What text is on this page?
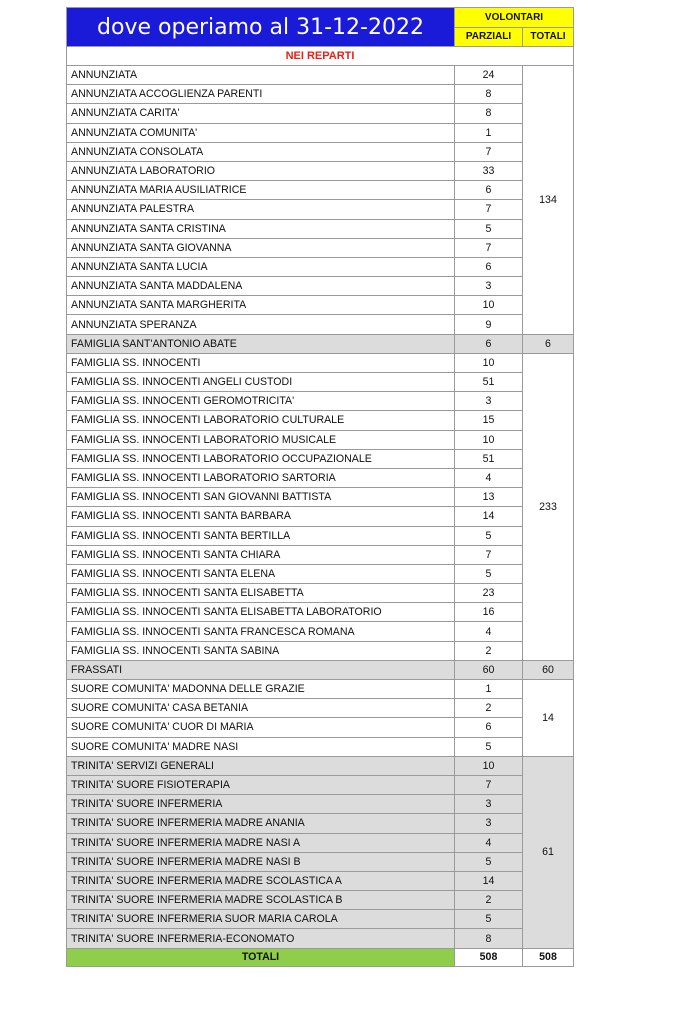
dove operiamo al 31-12-2022	VOLONTARI	
	PARZIALI	TOTALI
NEI REPARTI		
ANNUNZIATA	24	134
ANNUNZIATA ACCOGLIENZA PARENTI	8	
ANNUNZIATA CARITA'	8	
ANNUNZIATA COMUNITA'	1	
ANNUNZIATA CONSOLATA	7	
ANNUNZIATA LABORATORIO	33	
ANNUNZIATA MARIA AUSILIATRICE	6	
ANNUNZIATA PALESTRA	7	
ANNUNZIATA SANTA CRISTINA	5	
ANNUNZIATA SANTA GIOVANNA	7	
ANNUNZIATA SANTA LUCIA	6	
ANNUNZIATA SANTA MADDALENA	3	
ANNUNZIATA SANTA MARGHERITA	10	
ANNUNZIATA SPERANZA	9	
FAMIGLIA SANT'ANTONIO ABATE	6	6
FAMIGLIA SS. INNOCENTI	10	233
FAMIGLIA SS. INNOCENTI ANGELI CUSTODI	51	
FAMIGLIA SS. INNOCENTI GEROMOTRICITA'	3	
FAMIGLIA SS. INNOCENTI LABORATORIO CULTURALE	15	
FAMIGLIA SS. INNOCENTI LABORATORIO MUSICALE	10	
FAMIGLIA SS. INNOCENTI LABORATORIO OCCUPAZIONALE	51	
FAMIGLIA SS. INNOCENTI LABORATORIO SARTORIA	4	
FAMIGLIA SS. INNOCENTI SAN GIOVANNI BATTISTA	13	
FAMIGLIA SS. INNOCENTI SANTA BARBARA	14	
FAMIGLIA SS. INNOCENTI SANTA BERTILLA	5	
FAMIGLIA SS. INNOCENTI SANTA CHIARA	7	
FAMIGLIA SS. INNOCENTI SANTA ELENA	5	
FAMIGLIA SS. INNOCENTI SANTA ELISABETTA	23	
FAMIGLIA SS. INNOCENTI SANTA ELISABETTA LABORATORIO	16	
FAMIGLIA SS. INNOCENTI SANTA FRANCESCA ROMANA	4	
FAMIGLIA SS. INNOCENTI SANTA SABINA	2	
FRASSATI	60	60
SUORE COMUNITA' MADONNA DELLE GRAZIE	1	14
SUORE COMUNITA' CASA BETANIA	2	
SUORE COMUNITA' CUOR DI MARIA	6	
SUORE COMUNITA' MADRE NASI	5	
TRINITA' SERVIZI GENERALI	10	61
TRINITA' SUORE FISIOTERAPIA	7	
TRINITA' SUORE INFERMERIA	3	
TRINITA' SUORE INFERMERIA MADRE ANANIA	3	
TRINITA' SUORE INFERMERIA MADRE NASI A	4	
TRINITA' SUORE INFERMERIA MADRE NASI B	5	
TRINITA' SUORE INFERMERIA MADRE SCOLASTICA A	14	
TRINITA' SUORE INFERMERIA MADRE SCOLASTICA B	2	
TRINITA' SUORE INFERMERIA SUOR MARIA CAROLA	5	
TRINITA' SUORE INFERMERIA-ECONOMATO	8	
TOTALI	508	508
